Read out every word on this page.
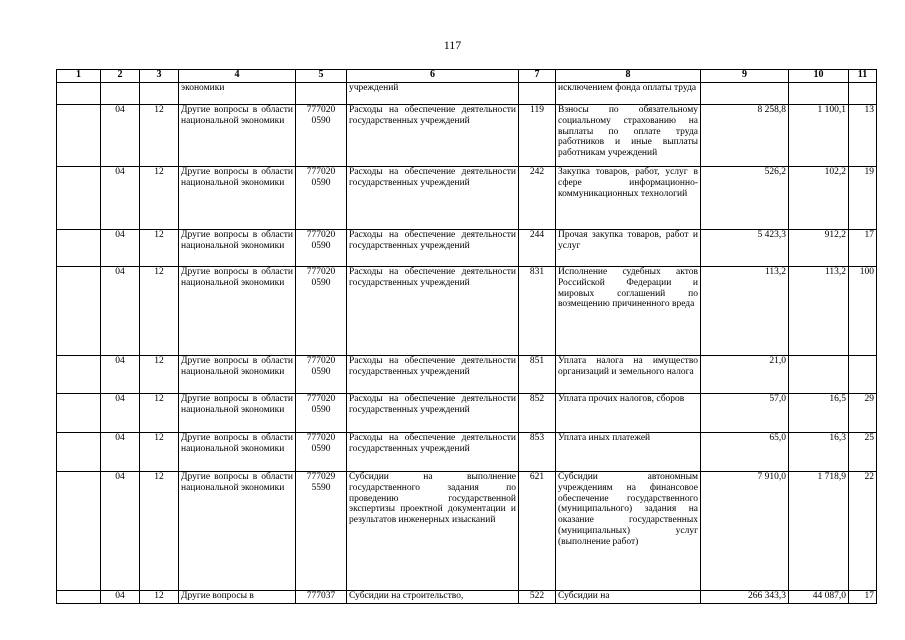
117
1	2	3	4	5	6	7	8	9	10	11
			экономики		учреждений		исключением фонда оплаты труда			
	04	12	Другие вопросы в области национальной экономики	777020 0590	Расходы на обеспечение деятельности государственных учреждений	119	Взносы по обязательному социальному страхованию на выплаты по оплате труда работников и иные выплаты работникам учреждений	8 258,8	1 100,1	13
	04	12	Другие вопросы в области национальной экономики	777020 0590	Расходы на обеспечение деятельности государственных учреждений	242	Закупка товаров, работ, услуг в сфере информационно-коммуникационных технологий	526,2	102,2	19
	04	12	Другие вопросы в области национальной экономики	777020 0590	Расходы на обеспечение деятельности государственных учреждений	244	Прочая закупка товаров, работ и услуг	5 423,3	912,2	17
	04	12	Другие вопросы в области национальной экономики	777020 0590	Расходы на обеспечение деятельности государственных учреждений	831	Исполнение судебных актов Российской Федерации и мировых соглашений по возмещению причиненного вреда	113,2	113,2	100
	04	12	Другие вопросы в области национальной экономики	777020 0590	Расходы на обеспечение деятельности государственных учреждений	851	Уплата налога на имущество организаций и земельного налога	21,0		
	04	12	Другие вопросы в области национальной экономики	777020 0590	Расходы на обеспечение деятельности государственных учреждений	852	Уплата прочих налогов, сборов	57,0	16,5	29
	04	12	Другие вопросы в области национальной экономики	777020 0590	Расходы на обеспечение деятельности государственных учреждений	853	Уплата иных платежей	65,0	16,3	25
	04	12	Другие вопросы в области национальной экономики	777029 5590	Субсидии на выполнение государственного задания по проведению государственной экспертизы проектной документации и результатов инженерных изысканий	621	Субсидии автономным учреждениям на финансовое обеспечение государственного (муниципального) задания на оказание государственных (муниципальных) услуг (выполнение работ)	7 910,0	1 718,9	22
	04	12	Другие вопросы в	777037	Субсидии на строительство,	522	Субсидии на	266 343,3	44 087,0	17
